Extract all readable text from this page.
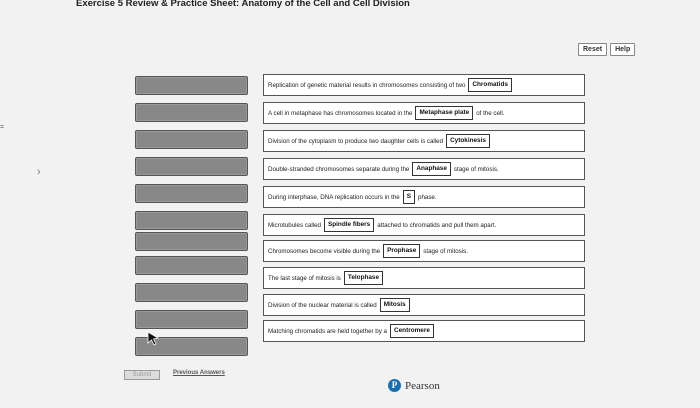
Exercise 5 Review & Practice Sheet: Anatomy of the Cell and Cell Division
Reset	Help
=
›
Replication of genetic material results in chromosomes consisting of two	Chromatids
A cell in metaphase has chromosomes located in the	Metaphase plate	of the cell.
Division of the cytoplasm to produce two daughter cells is called	Cytokinesis
Double-stranded chromosomes separate during the	Anaphase	stage of mitosis.
During interphase, DNA replication occurs in the	S	phase.
Microtubules called	Spindle fibers	attached to chromatids and pull them apart.
Chromosomes become visible during the	Prophase	stage of mitosis.
The last stage of mitosis is	Telophase
Division of the nuclear material is called	Mitosis
Matching chromatids are held together by a	Centromere
Submit	Previous Answers
P Pearson
